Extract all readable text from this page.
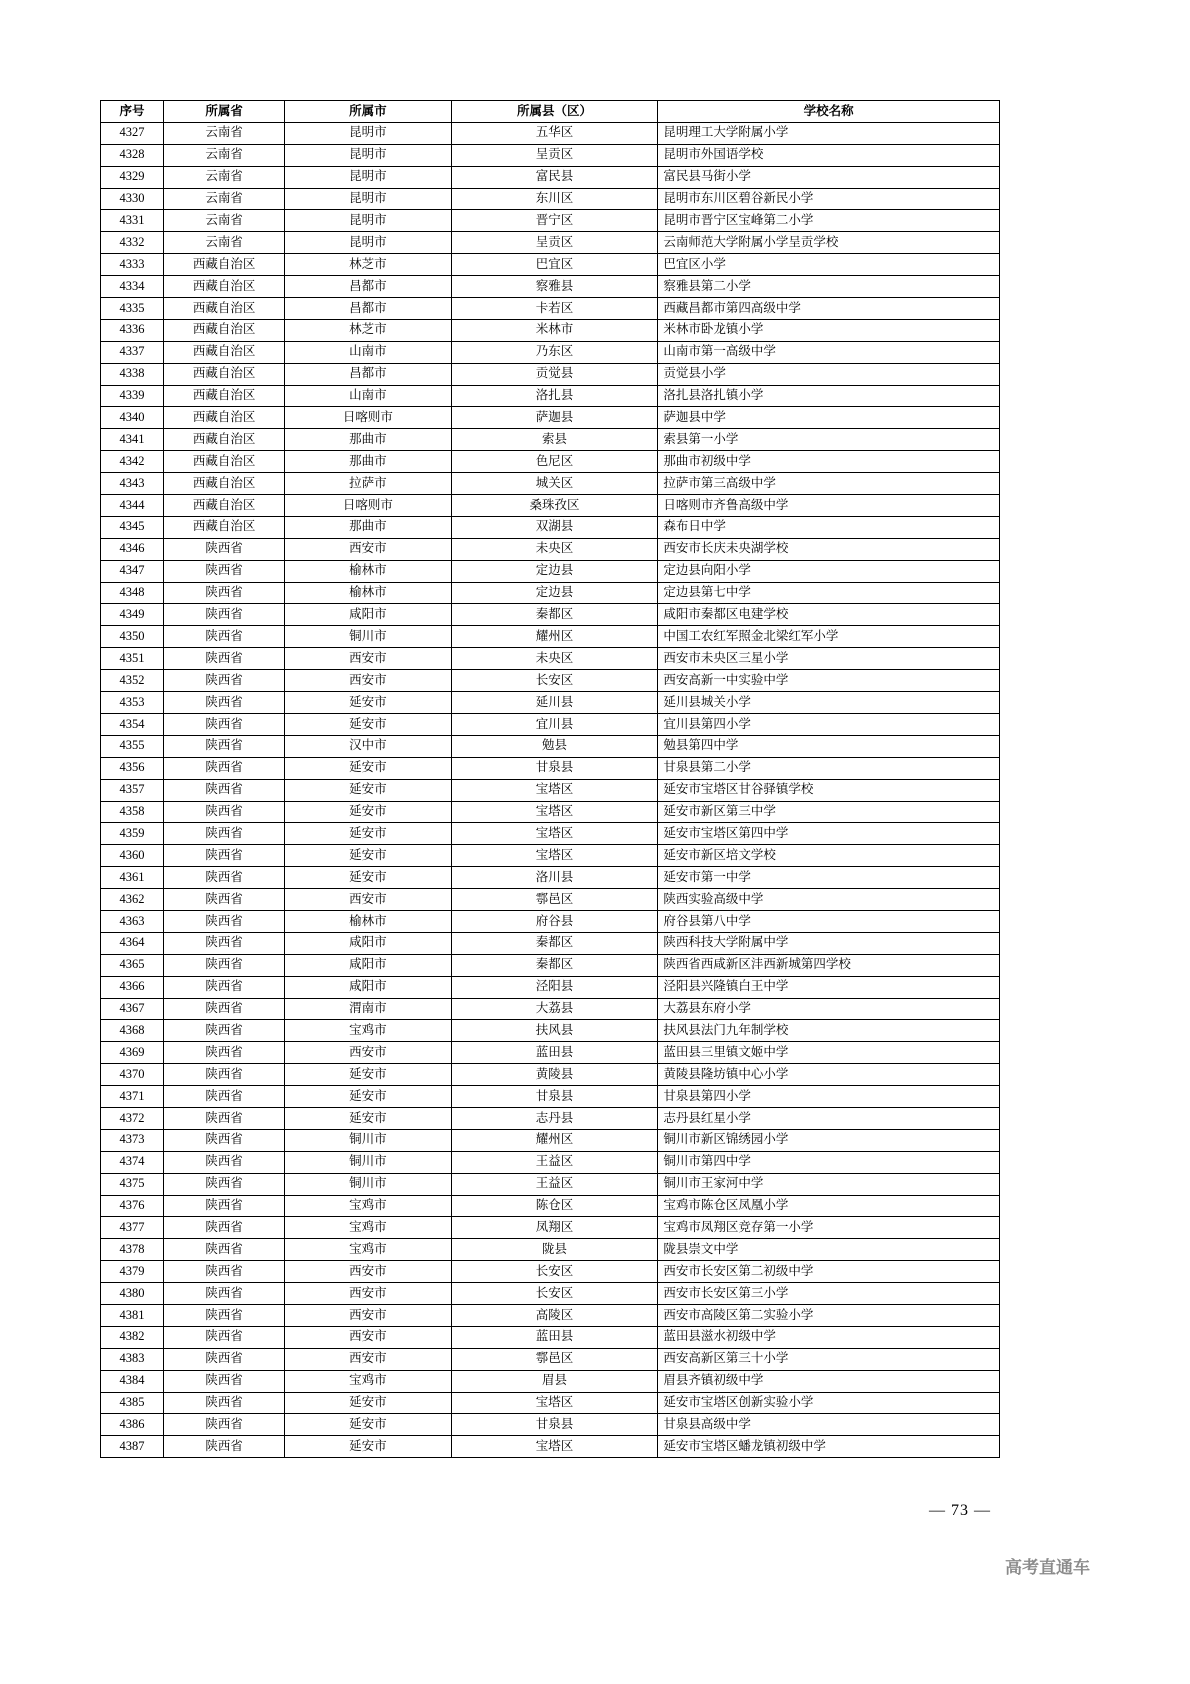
序号	所属省	所属市	所属县（区）	学校名称
4327	云南省	昆明市	五华区	昆明理工大学附属小学
4328	云南省	昆明市	呈贡区	昆明市外国语学校
4329	云南省	昆明市	富民县	富民县马街小学
4330	云南省	昆明市	东川区	昆明市东川区碧谷新民小学
4331	云南省	昆明市	晋宁区	昆明市晋宁区宝峰第二小学
4332	云南省	昆明市	呈贡区	云南师范大学附属小学呈贡学校
4333	西藏自治区	林芝市	巴宜区	巴宜区小学
4334	西藏自治区	昌都市	察雅县	察雅县第二小学
4335	西藏自治区	昌都市	卡若区	西藏昌都市第四高级中学
4336	西藏自治区	林芝市	米林市	米林市卧龙镇小学
4337	西藏自治区	山南市	乃东区	山南市第一高级中学
4338	西藏自治区	昌都市	贡觉县	贡觉县小学
4339	西藏自治区	山南市	洛扎县	洛扎县洛扎镇小学
4340	西藏自治区	日喀则市	萨迦县	萨迦县中学
4341	西藏自治区	那曲市	索县	索县第一小学
4342	西藏自治区	那曲市	色尼区	那曲市初级中学
4343	西藏自治区	拉萨市	城关区	拉萨市第三高级中学
4344	西藏自治区	日喀则市	桑珠孜区	日喀则市齐鲁高级中学
4345	西藏自治区	那曲市	双湖县	森布日中学
4346	陕西省	西安市	未央区	西安市长庆未央湖学校
4347	陕西省	榆林市	定边县	定边县向阳小学
4348	陕西省	榆林市	定边县	定边县第七中学
4349	陕西省	咸阳市	秦都区	咸阳市秦都区电建学校
4350	陕西省	铜川市	耀州区	中国工农红军照金北梁红军小学
4351	陕西省	西安市	未央区	西安市未央区三星小学
4352	陕西省	西安市	长安区	西安高新一中实验中学
4353	陕西省	延安市	延川县	延川县城关小学
4354	陕西省	延安市	宜川县	宜川县第四小学
4355	陕西省	汉中市	勉县	勉县第四中学
4356	陕西省	延安市	甘泉县	甘泉县第二小学
4357	陕西省	延安市	宝塔区	延安市宝塔区甘谷驿镇学校
4358	陕西省	延安市	宝塔区	延安市新区第三中学
4359	陕西省	延安市	宝塔区	延安市宝塔区第四中学
4360	陕西省	延安市	宝塔区	延安市新区培文学校
4361	陕西省	延安市	洛川县	延安市第一中学
4362	陕西省	西安市	鄠邑区	陕西实验高级中学
4363	陕西省	榆林市	府谷县	府谷县第八中学
4364	陕西省	咸阳市	秦都区	陕西科技大学附属中学
4365	陕西省	咸阳市	秦都区	陕西省西咸新区沣西新城第四学校
4366	陕西省	咸阳市	泾阳县	泾阳县兴隆镇白王中学
4367	陕西省	渭南市	大荔县	大荔县东府小学
4368	陕西省	宝鸡市	扶风县	扶风县法门九年制学校
4369	陕西省	西安市	蓝田县	蓝田县三里镇文姬中学
4370	陕西省	延安市	黄陵县	黄陵县隆坊镇中心小学
4371	陕西省	延安市	甘泉县	甘泉县第四小学
4372	陕西省	延安市	志丹县	志丹县红星小学
4373	陕西省	铜川市	耀州区	铜川市新区锦绣园小学
4374	陕西省	铜川市	王益区	铜川市第四中学
4375	陕西省	铜川市	王益区	铜川市王家河中学
4376	陕西省	宝鸡市	陈仓区	宝鸡市陈仓区凤凰小学
4377	陕西省	宝鸡市	凤翔区	宝鸡市凤翔区竞存第一小学
4378	陕西省	宝鸡市	陇县	陇县崇文中学
4379	陕西省	西安市	长安区	西安市长安区第二初级中学
4380	陕西省	西安市	长安区	西安市长安区第三小学
4381	陕西省	西安市	高陵区	西安市高陵区第二实验小学
4382	陕西省	西安市	蓝田县	蓝田县滋水初级中学
4383	陕西省	西安市	鄠邑区	西安高新区第三十小学
4384	陕西省	宝鸡市	眉县	眉县齐镇初级中学
4385	陕西省	延安市	宝塔区	延安市宝塔区创新实验小学
4386	陕西省	延安市	甘泉县	甘泉县高级中学
4387	陕西省	延安市	宝塔区	延安市宝塔区蟠龙镇初级中学
— 73 —
高考直通车
